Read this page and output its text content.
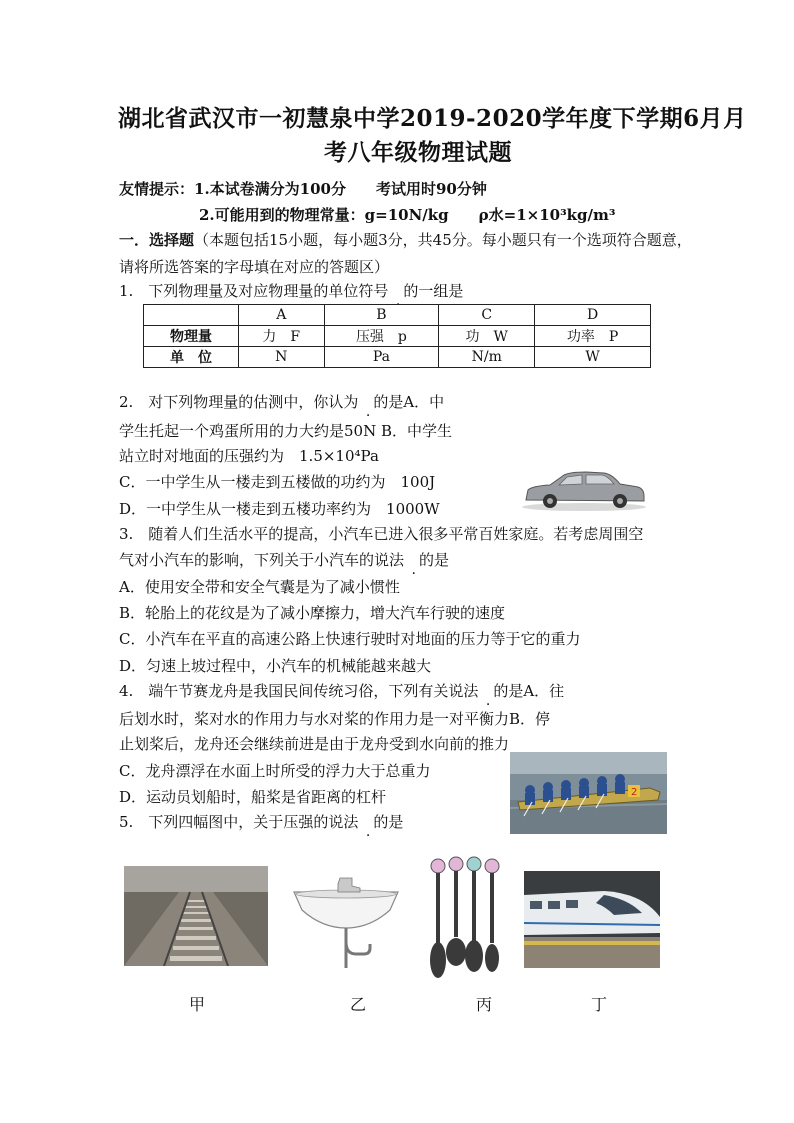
湖北省武汉市一初慧泉中学2019-2020学年度下学期6月月
考八年级物理试题
友情提示：1.本试卷满分为100分　　考试用时90分钟
2.可能用到的物理常量：g=10N/kg　　ρ水=1×10³kg/m³
一．选择题（本题包括15小题，每小题3分，共45分。每小题只有一个选项符合题意，
请将所选答案的字母填在对应的答题区）
1.　下列物理量及对应物理量的单位符号　 . 的一组是
	A	B	C	D
物理量	力　F	压强　p	功　W	功率　P
单　位	N	Pa	N/m	W
2.　对下列物理量的估测中，你认为　 . 的是A．中
学生托起一个鸡蛋所用的力大约是50N B．中学生
站立时对地面的压强约为　1.5×10⁴Pa
C．一中学生从一楼走到五楼做的功约为　100J
D．一中学生从一楼走到五楼功率约为　1000W
3.　随着人们生活水平的提高，小汽车已进入很多平常百姓家庭。若考虑周围空
气对小汽车的影响，下列关于小汽车的说法　 . 的是
A．使用安全带和安全气囊是为了减小惯性
B．轮胎上的花纹是为了减小摩擦力，增大汽车行驶的速度
C．小汽车在平直的高速公路上快速行驶时对地面的压力等于它的重力
D．匀速上坡过程中，小汽车的机械能越来越大
4.　端午节赛龙舟是我国民间传统习俗，下列有关说法　 . 的是A．往
后划水时，桨对水的作用力与水对桨的作用力是一对平衡力B．停
止划桨后，龙舟还会继续前进是由于龙舟受到水向前的推力
C．龙舟漂浮在水面上时所受的浮力大于总重力
D．运动员划船时，船桨是省距离的杠杆	2
5.　下列四幅图中，关于压强的说法　 . 的是
甲	乙	丙	丁
